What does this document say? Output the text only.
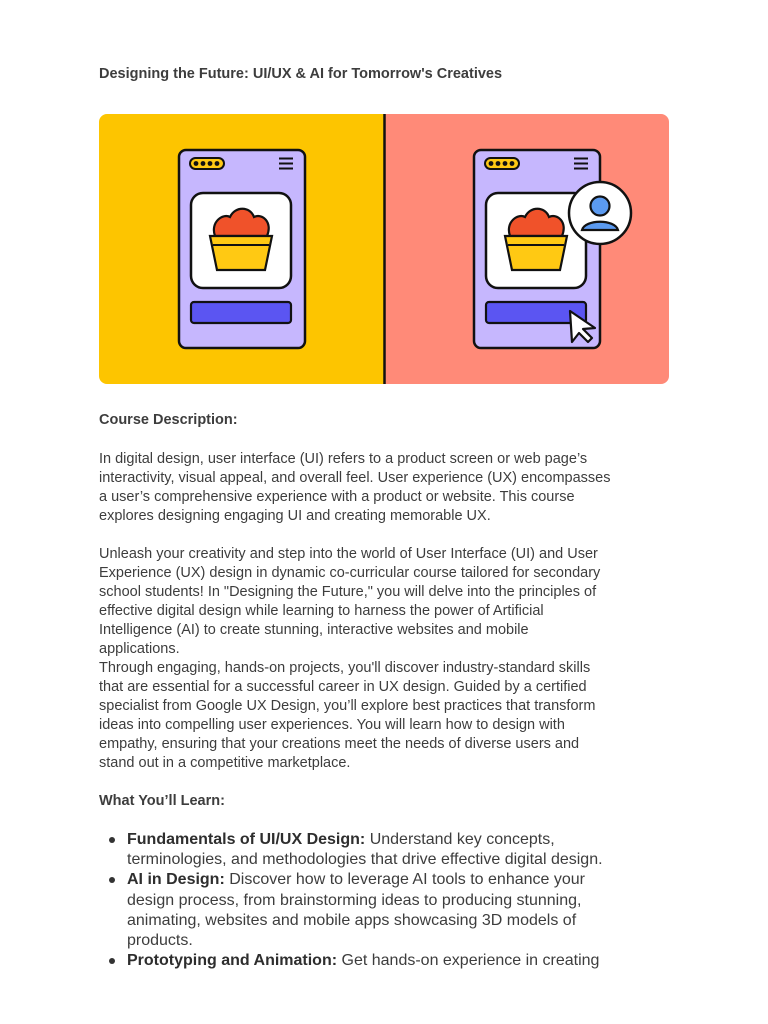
Designing the Future: UI/UX & AI for Tomorrow's Creatives
Course Description:
In digital design, user interface (UI) refers to a product screen or web page’s
interactivity, visual appeal, and overall feel. User experience (UX) encompasses
a user’s comprehensive experience with a product or website. This course
explores designing engaging UI and creating memorable UX.
Unleash your creativity and step into the world of User Interface (UI) and User
Experience (UX) design in dynamic co-curricular course tailored for secondary
school students! In "Designing the Future," you will delve into the principles of
effective digital design while learning to harness the power of Artificial
Intelligence (AI) to create stunning, interactive websites and mobile
applications.
Through engaging, hands-on projects, you'll discover industry-standard skills
that are essential for a successful career in UX design. Guided by a certified
specialist from Google UX Design, you’ll explore best practices that transform
ideas into compelling user experiences. You will learn how to design with
empathy, ensuring that your creations meet the needs of diverse users and
stand out in a competitive marketplace.
What You’ll Learn:
Fundamentals of UI/UX Design: Understand key concepts,
terminologies, and methodologies that drive effective digital design.
AI in Design: Discover how to leverage AI tools to enhance your
design process, from brainstorming ideas to producing stunning,
animating, websites and mobile apps showcasing 3D models of
products.
Prototyping and Animation: Get hands-on experience in creating
